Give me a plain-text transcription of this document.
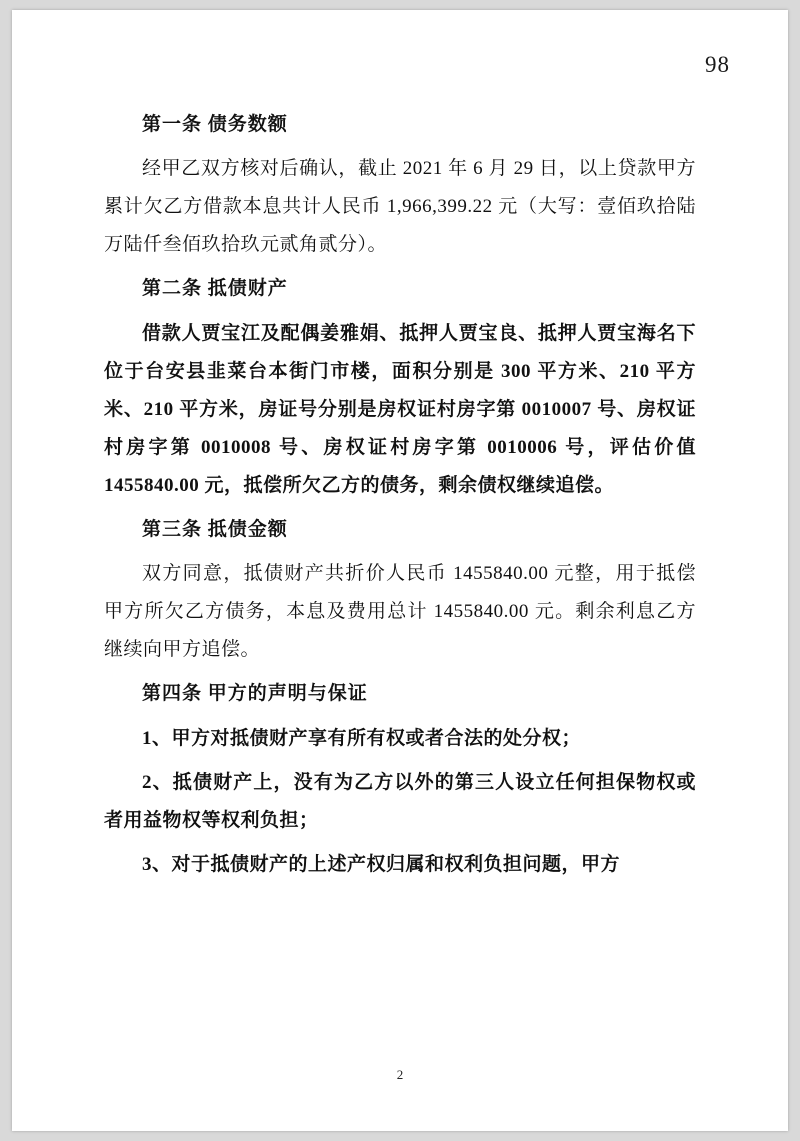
98

第一条 债务数额

经甲乙双方核对后确认，截止 2021 年 6 月 29 日，以上贷款甲方累计欠乙方借款本息共计人民币 1,966,399.22 元（大写：壹佰玖拾陆万陆仟叁佰玖拾玖元贰角贰分）。

第二条 抵债财产

借款人贾宝江及配偶姜雅娟、抵押人贾宝良、抵押人贾宝海名下位于台安县韭菜台本街门市楼，面积分别是 300 平方米、210 平方米、210 平方米，房证号分别是房权证村房字第 0010007 号、房权证村房字第 0010008 号、房权证村房字第 0010006 号，评估价值 1455840.00 元，抵偿所欠乙方的债务，剩余债权继续追偿。

第三条 抵债金额

双方同意，抵债财产共折价人民币 1455840.00 元整，用于抵偿甲方所欠乙方债务，本息及费用总计 1455840.00 元。剩余利息乙方继续向甲方追偿。

第四条 甲方的声明与保证

1、甲方对抵债财产享有所有权或者合法的处分权；

2、抵债财产上，没有为乙方以外的第三人设立任何担保物权或者用益物权等权利负担；

3、对于抵债财产的上述产权归属和权利负担问题，甲方

2
